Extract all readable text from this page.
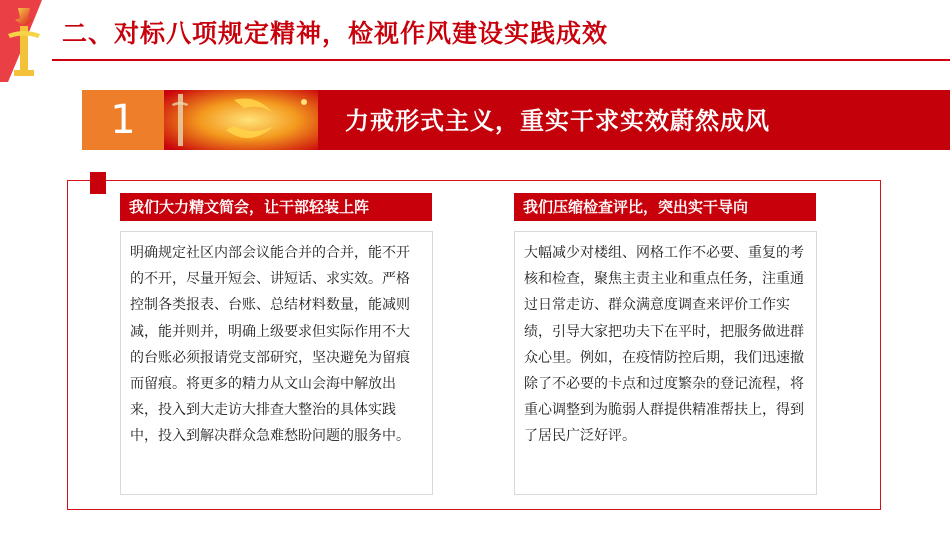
二、对标八项规定精神，检视作风建设实践成效
1	力戒形式主义，重实干求实效蔚然成风
我们大力精文简会，让干部轻装上阵
明确规定社区内部会议能合并的合并，能不开的不开，尽量开短会、讲短话、求实效。严格控制各类报表、台账、总结材料数量，能减则减，能并则并，明确上级要求但实际作用不大的台账必须报请党支部研究，坚决避免为留痕而留痕。将更多的精力从文山会海中解放出来，投入到大走访大排查大整治的具体实践中，投入到解决群众急难愁盼问题的服务中。
我们压缩检查评比，突出实干导向
大幅减少对楼组、网格工作不必要、重复的考核和检查，聚焦主责主业和重点任务，注重通过日常走访、群众满意度调查来评价工作实绩，引导大家把功夫下在平时，把服务做进群众心里。例如，在疫情防控后期，我们迅速撤除了不必要的卡点和过度繁杂的登记流程，将重心调整到为脆弱人群提供精准帮扶上，得到了居民广泛好评。
